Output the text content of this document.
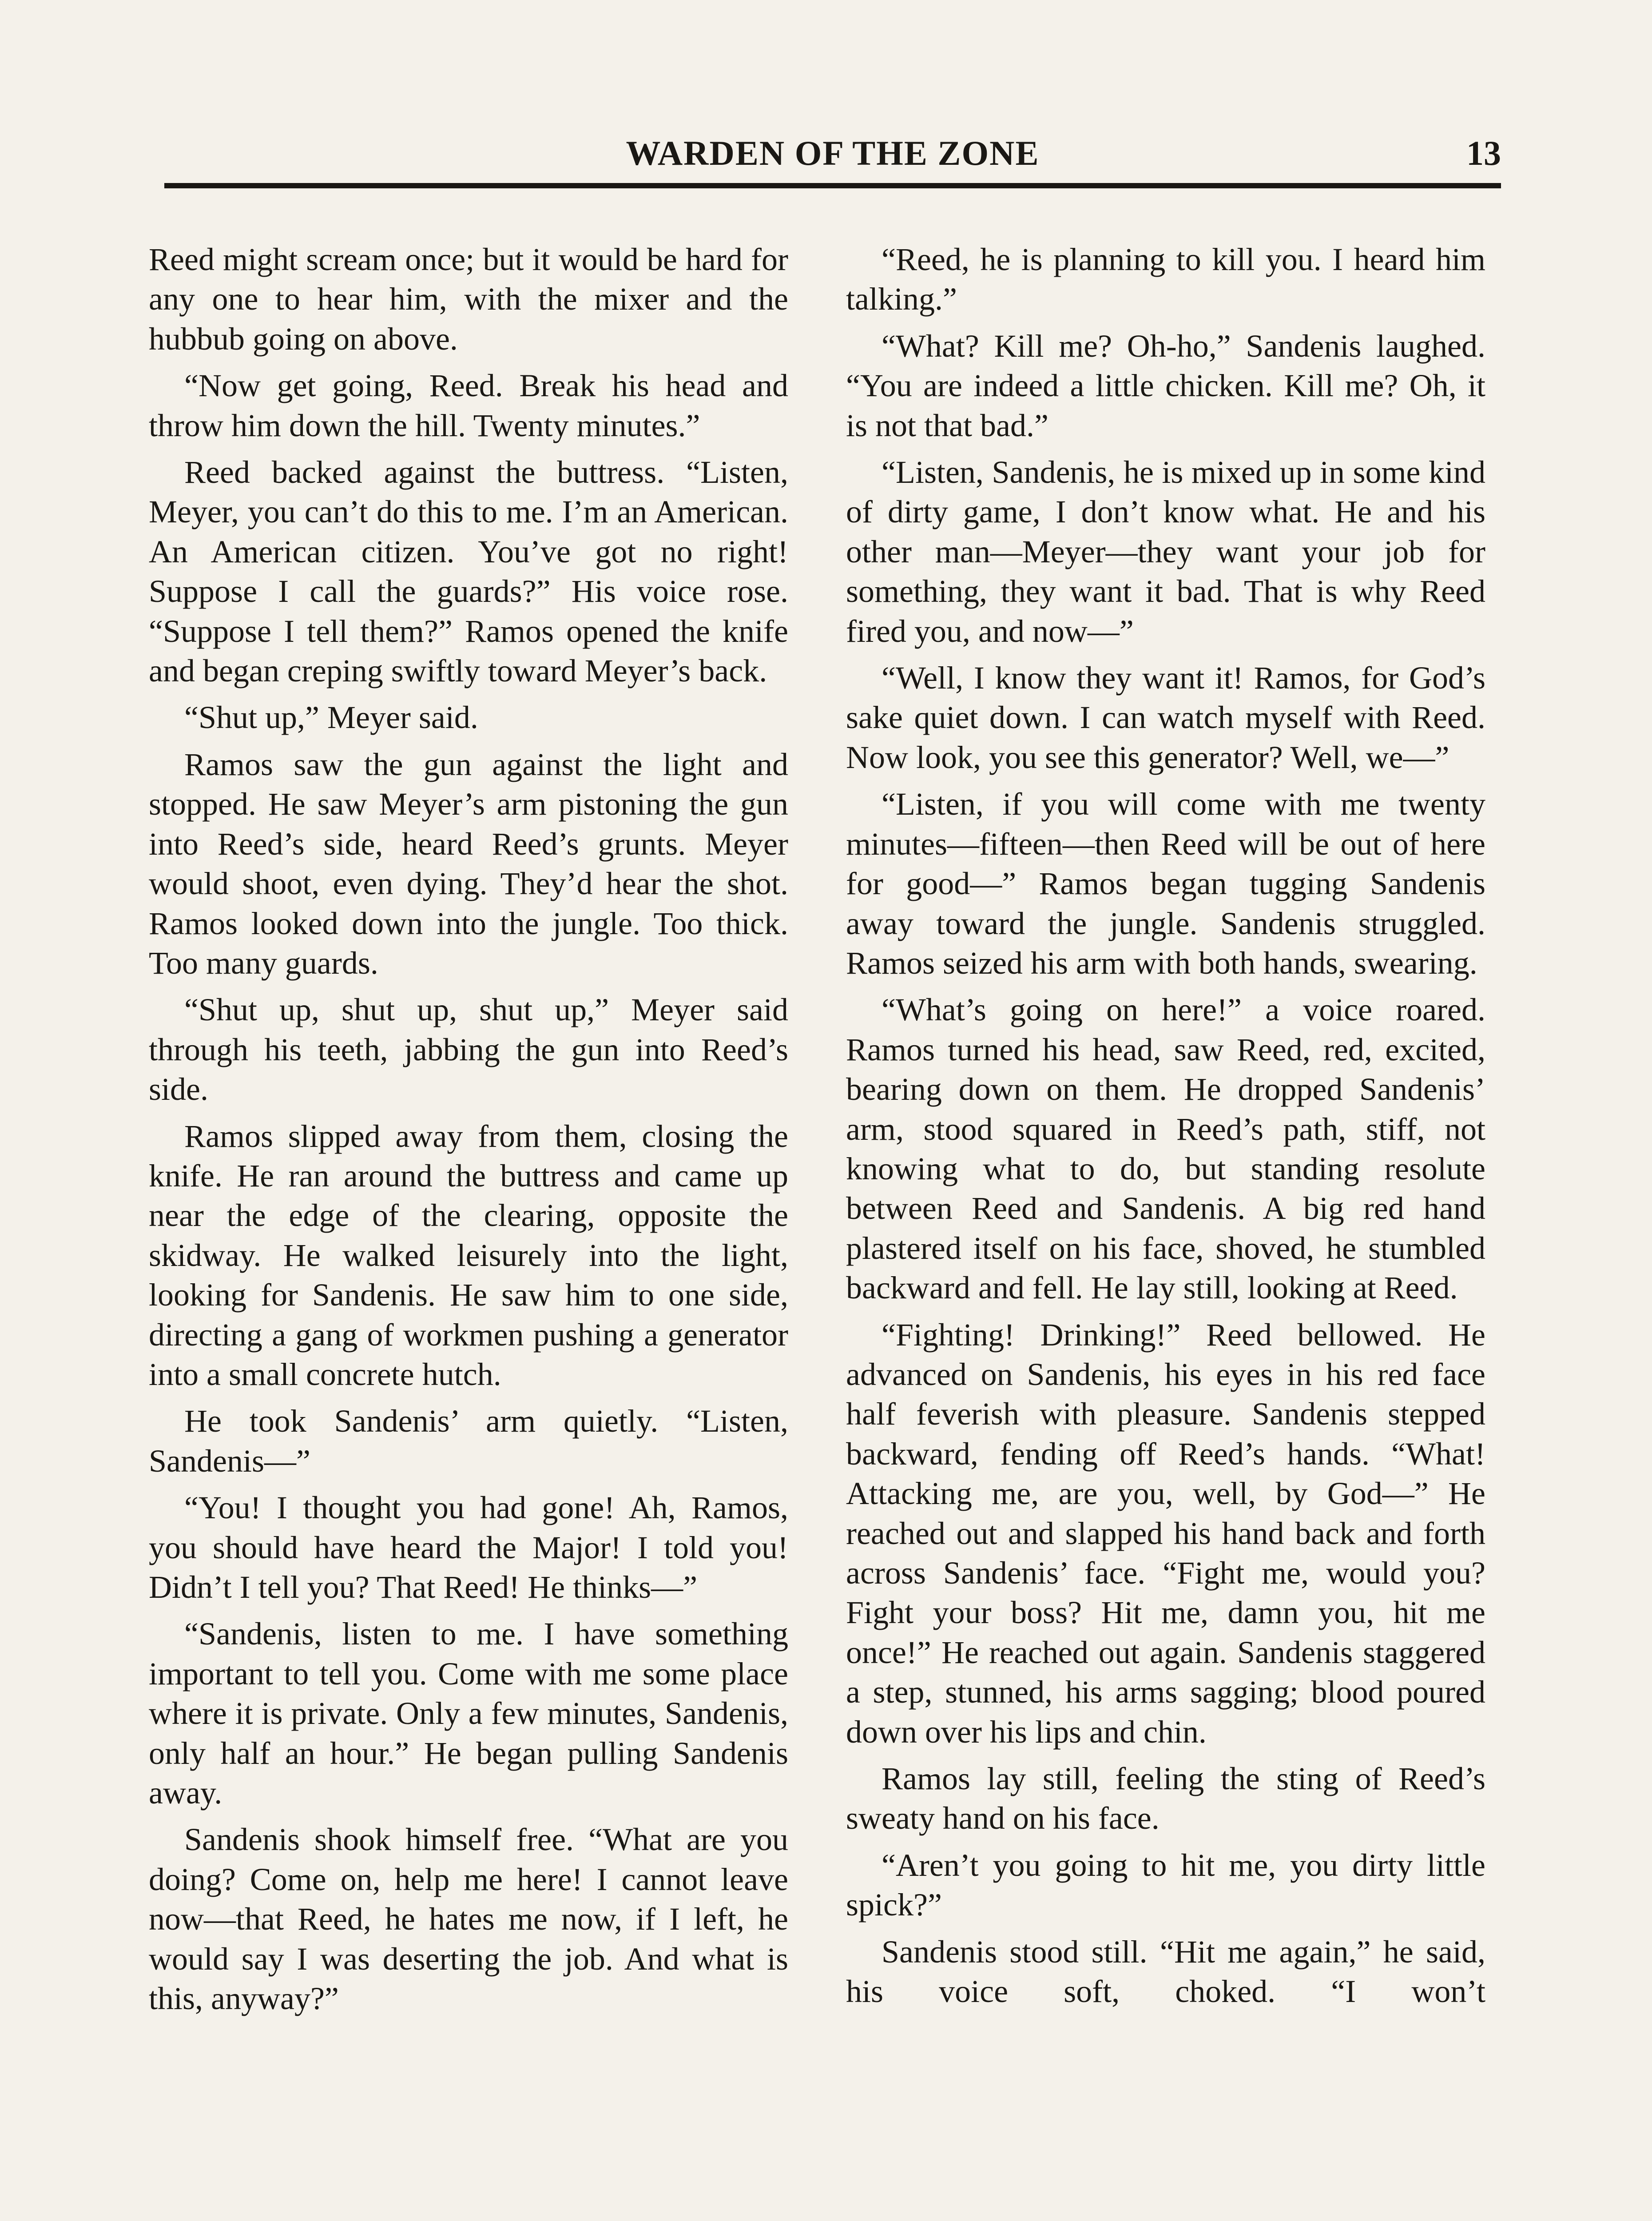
WARDEN OF THE ZONE	13

Reed might scream once; but it would be hard for any one to hear him, with the mixer and the hubbub going on above.

“Now get going, Reed. Break his head and throw him down the hill. Twenty minutes.”

Reed backed against the buttress. “Listen, Meyer, you can’t do this to me. I’m an American. An American citizen. You’ve got no right! Suppose I call the guards?” His voice rose. “Suppose I tell them?” Ramos opened the knife and began creping swiftly toward Meyer’s back.

“Shut up,” Meyer said.

Ramos saw the gun against the light and stopped. He saw Meyer’s arm pistoning the gun into Reed’s side, heard Reed’s grunts. Meyer would shoot, even dying. They’d hear the shot. Ramos looked down into the jungle. Too thick. Too many guards.

“Shut up, shut up, shut up,” Meyer said through his teeth, jabbing the gun into Reed’s side.

Ramos slipped away from them, closing the knife. He ran around the buttress and came up near the edge of the clearing, opposite the skidway. He walked leisurely into the light, looking for Sandenis. He saw him to one side, directing a gang of workmen pushing a generator into a small concrete hutch.

He took Sandenis’ arm quietly. “Listen, Sandenis—”

“You! I thought you had gone! Ah, Ramos, you should have heard the Major! I told you! Didn’t I tell you? That Reed! He thinks—”

“Sandenis, listen to me. I have something important to tell you. Come with me some place where it is private. Only a few minutes, Sandenis, only half an hour.” He began pulling Sandenis away.

Sandenis shook himself free. “What are you doing? Come on, help me here! I cannot leave now—that Reed, he hates me now, if I left, he would say I was deserting the job. And what is this, anyway?”

“Reed, he is planning to kill you. I heard him talking.”

“What? Kill me? Oh-ho,” Sandenis laughed. “You are indeed a little chicken. Kill me? Oh, it is not that bad.”

“Listen, Sandenis, he is mixed up in some kind of dirty game, I don’t know what. He and his other man—Meyer—they want your job for something, they want it bad. That is why Reed fired you, and now—”

“Well, I know they want it! Ramos, for God’s sake quiet down. I can watch myself with Reed. Now look, you see this generator? Well, we—”

“Listen, if you will come with me twenty minutes—fifteen—then Reed will be out of here for good—” Ramos began tugging Sandenis away toward the jungle. Sandenis struggled. Ramos seized his arm with both hands, swearing.

“What’s going on here!” a voice roared. Ramos turned his head, saw Reed, red, excited, bearing down on them. He dropped Sandenis’ arm, stood squared in Reed’s path, stiff, not knowing what to do, but standing resolute between Reed and Sandenis. A big red hand plastered itself on his face, shoved, he stumbled backward and fell. He lay still, looking at Reed.

“Fighting! Drinking!” Reed bellowed. He advanced on Sandenis, his eyes in his red face half feverish with pleasure. Sandenis stepped backward, fending off Reed’s hands. “What! Attacking me, are you, well, by God—” He reached out and slapped his hand back and forth across Sandenis’ face. “Fight me, would you? Fight your boss? Hit me, damn you, hit me once!” He reached out again. Sandenis staggered a step, stunned, his arms sagging; blood poured down over his lips and chin.

Ramos lay still, feeling the sting of Reed’s sweaty hand on his face.

“Aren’t you going to hit me, you dirty little spick?”

Sandenis stood still. “Hit me again,” he said, his voice soft, choked. “I won’t
